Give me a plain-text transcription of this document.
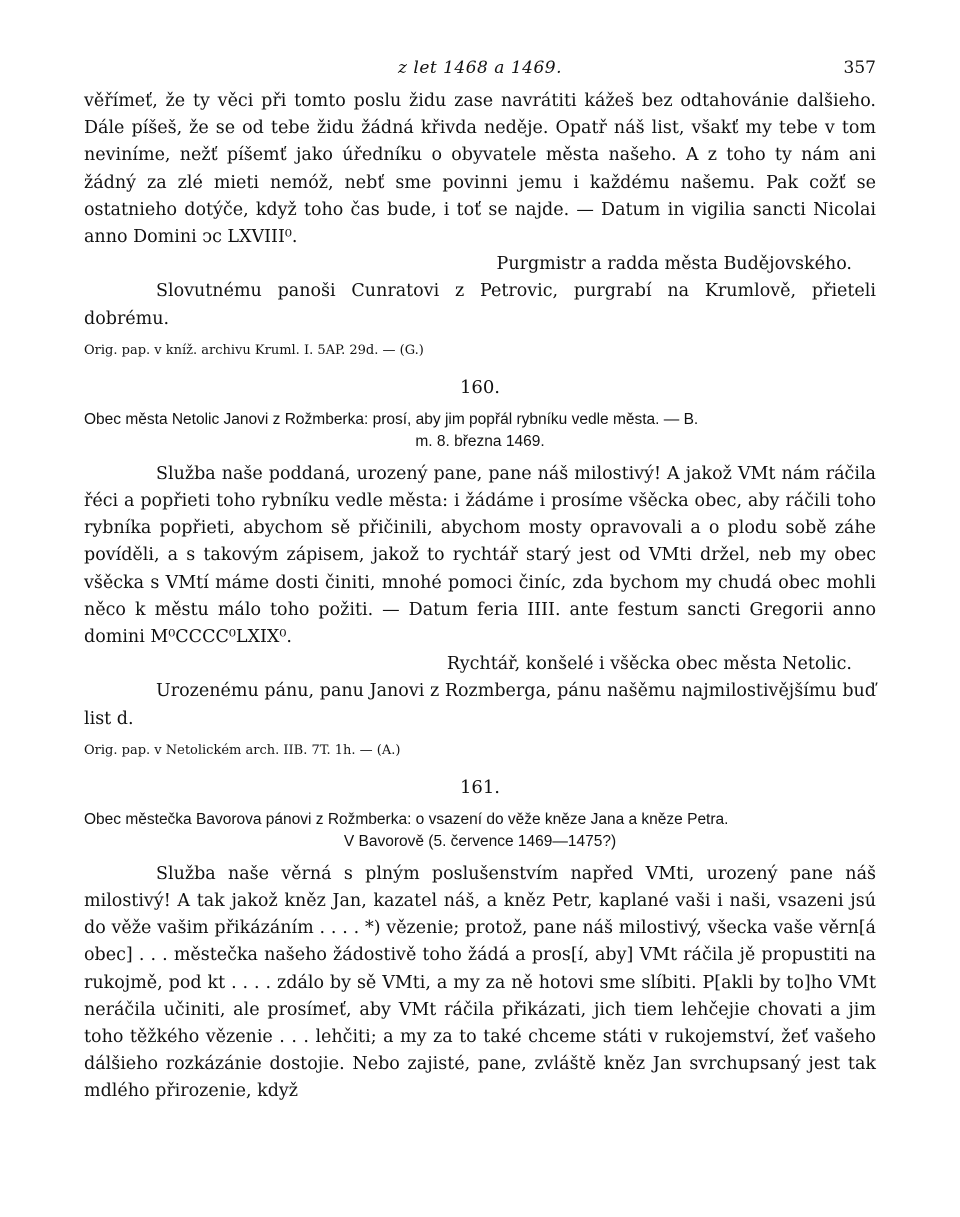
z let 1468 a 1469.	357

věřímeť, že ty věci při tomto poslu židu zase navrátiti kážeš bez odtahovánie dalšieho. Dále píšeš, že se od tebe židu žádná křivda neděje. Opatř náš list, všakť my tebe v tom neviníme, nežť píšemť jako úředníku o obyvatele města našeho. A z toho ty nám ani žádný za zlé mieti nemóž, nebť sme povinni jemu i každému našemu. Pak cožť se ostatnieho dotýče, když toho čas bude, i toť se najde. — Datum in vigilia sancti Nicolai anno Domini ͻc LXVIII⁰.

Purgmistr a radda města Budějovského.

Slovutnému panoši Cunratovi z Petrovic, purgrabí na Krumlově, přieteli dobrému.

Orig. pap. v kníž. archivu Kruml. I. 5AP. 29d. — (G.)

160.
Obec města Netolic Janovi z Rožmberka: prosí, aby jim popřál rybníku vedle města. — B.
m. 8. března 1469.

Služba naše poddaná, urozený pane, pane náš milostivý! A jakož VMt nám ráčila řéci a popřieti toho rybníku vedle města: i žádáme i prosíme všěcka obec, aby ráčili toho rybníka popřieti, abychom sě přičinili, abychom mosty opravovali a o plodu sobě záhe povíděli, a s takovým zápisem, jakož to rychtář starý jest od VMti držel, neb my obec všěcka s VMtí máme dosti činiti, mnohé pomoci činíc, zda bychom my chudá obec mohli něco k městu málo toho požiti. — Datum feria IIII. ante festum sancti Gregorii anno domini M⁰CCCC⁰LXIX⁰.

Rychtář, konšelé i všěcka obec města Netolic.

Urozenému pánu, panu Janovi z Rozmberga, pánu našěmu najmilostivějšímu buď list d.

Orig. pap. v Netolickém arch. IIB. 7T. 1h. — (A.)

161.
Obec městečka Bavorova pánovi z Rožmberka: o vsazení do věže kněze Jana a kněze Petra.
V Bavorově (5. července 1469—1475?)

Služba naše věrná s plným poslušenstvím napřed VMti, urozený pane náš milostivý! A tak jakož kněz Jan, kazatel náš, a kněz Petr, kaplané vaši i naši, vsazeni jsú do věže vašim přikázáním . . . . *) vězenie; protož, pane náš milostivý, všecka vaše věrn[á obec] . . . městečka našeho žádostivě toho žádá a pros[í, aby] VMt ráčila jě propustiti na rukojmě, pod kt . . . . zdálo by sě VMti, a my za ně hotovi sme slíbiti. P[akli by to]ho VMt neráčila učiniti, ale prosímeť, aby VMt ráčila přikázati, jich tiem lehčejie chovati a jim toho těžkého vězenie . . . lehčiti; a my za to také chceme státi v rukojemství, žeť vašeho dálšieho rozkázánie dostojie. Nebo zajisté, pane, zvláště kněz Jan svrchupsaný jest tak mdlého přirozenie, když
